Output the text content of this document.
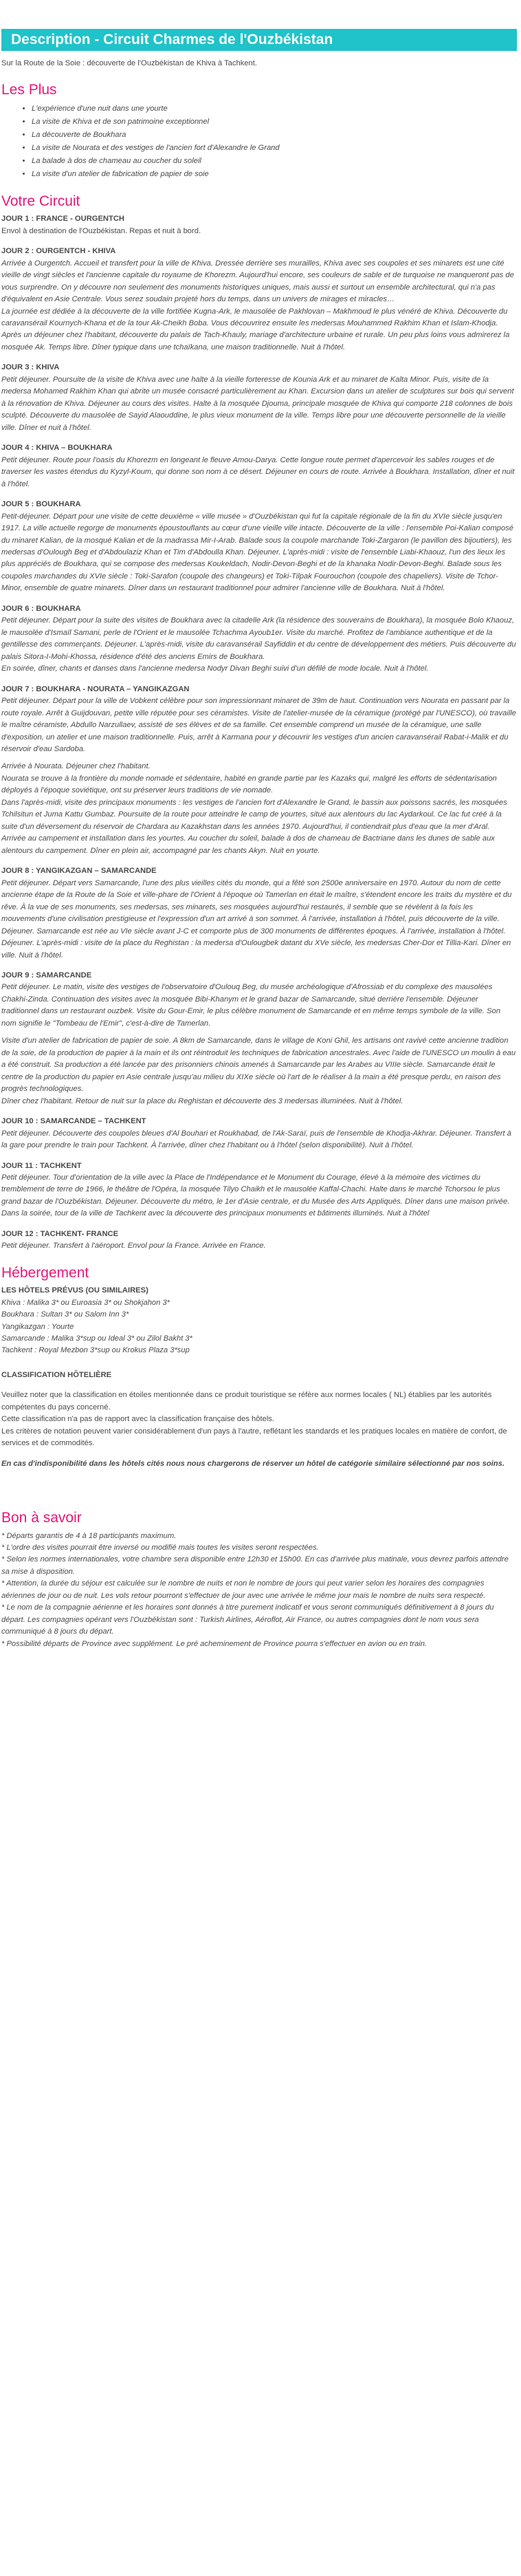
Description - Circuit Charmes de l'Ouzbékistan
Sur la Route de la Soie : découverte de l'Ouzbékistan de Khiva à Tachkent.
Les Plus
• L'expérience d'une nuit dans une yourte
• La visite de Khiva et de son patrimoine exceptionnel
• La découverte de Boukhara
• La visite de Nourata et des vestiges de l'ancien fort d'Alexandre le Grand
• La balade à dos de chameau au coucher du soleil
• La visite d'un atelier de fabrication de papier de soie
Votre Circuit
JOUR 1 : FRANCE - OURGENTCH

Envol à destination de l'Ouzbékistan. Repas et nuit à bord.

JOUR 2 : OURGENTCH - KHIVA

Arrivée à Ourgentch. Accueil et transfert pour la ville de Khiva. Dressée derrière ses murailles, Khiva avec ses coupoles et ses minarets est une cité vieille de vingt siècles et l'ancienne capitale du royaume de Khorezm. Aujourd'hui encore, ses couleurs de sable et de turquoise ne manqueront pas de vous surprendre. On y découvre non seulement des monuments historiques uniques, mais aussi et surtout un ensemble architectural, qui n'a pas d'équivalent en Asie Centrale. Vous serez soudain projeté hors du temps, dans un univers de mirages et miracles…
La journée est dédiée à la découverte de la ville fortifiée Kugna-Ark, le mausolée de Pakhlovan – Makhmoud le plus vénéré de Khiva. Découverte du caravansérail Kournych-Khana et de la tour Ak-Cheikh Boba. Vous découvrirez ensuite les medersas Mouhammed Rakhim Khan et Islam-Khodja. Après un déjeuner chez l'habitant, découverte du palais de Tach-Khauly, mariage d'architecture urbaine et rurale. Un peu plus loins vous admirerez la mosquée Ak. Temps libre. Dîner typique dans une tchaïkana, une maison traditionnelle. Nuit à l'hôtel.

JOUR 3 : KHIVA

Petit déjeuner. Poursuite de la visite de Khiva avec une halte à la vieille forteresse de Kounia Ark et au minaret de Kalta Minor. Puis, visite de la medersa Mohamed Rakhim Khan qui abrite un musée consacré particulièrement au Khan. Excursion dans un atelier de sculptures sur bois qui servent à la rénovation de Khiva. Déjeuner au cours des visites. Halte à la mosquée Djouma, principale mosquée de Khiva qui comporte 218 colonnes de bois sculpté. Découverte du mausolée de Sayid Alaouddine, le plus vieux monument de la ville. Temps libre pour une découverte personnelle de la vieille ville. Dîner et nuit à l'hôtel.

JOUR 4 : KHIVA – BOUKHARA

Petit déjeuner. Route pour l'oasis du Khorezm en longeant le fleuve Amou-Darya. Cette longue route permet d'apercevoir les sables rouges et de traverser les vastes étendus du Kyzyl-Koum, qui donne son nom à ce désert. Déjeuner en cours de route. Arrivée à Boukhara. Installation, dîner et nuit à l'hôtel.

JOUR 5 : BOUKHARA

Petit-déjeuner. Départ pour une visite de cette deuxième « ville musée » d'Ouzbékistan qui fut la capitale régionale de la fin du XVIe siècle jusqu'en 1917. La ville actuelle regorge de monuments époustouflants au cœur d'une vieille ville intacte. Découverte de la ville : l'ensemble Poi-Kalian composé du minaret Kalian, de la mosqué Kalian et de la madrassa Mir-I-Arab. Balade sous la coupole marchande Toki-Zargaron (le pavillon des bijoutiers), les medersas d'Oulough Beg et d'Abdoulaziz Khan et Tim d'Abdoulla Khan. Déjeuner. L'après-midi : visite de l'ensemble Liabi-Khaouz, l'un des lieux les plus appréciés de Boukhara, qui se compose des medersas Koukeldach, Nodir-Devon-Beghi et de la khanaka Nodir-Devon-Beghi. Balade sous les coupoles marchandes du XVIe siècle : Toki-Sarafon (coupole des changeurs) et Toki-Tilpak Fourouchon (coupole des chapeliers). Visite de Tchor-Minor, ensemble de quatre minarets. Dîner dans un restaurant traditionnel pour admirer l'ancienne ville de Boukhara. Nuit à l'hôtel.

JOUR 6 : BOUKHARA

Petit déjeuner. Départ pour la suite des visites de Boukhara avec la citadelle Ark (la résidence des souverains de Boukhara), la mosquée Bolo Khaouz, le mausolée d'Ismaïl Samani, perle de l'Orient et le mausolée Tchachma Ayoub1er. Visite du marché. Profitez de l'ambiance authentique et de la gentillesse des commerçants. Déjeuner. L'après-midi, visite du caravansérail Sayfiddin et du centre de développement des métiers. Puis découverte du palais Sitora-I-Mohi-Khossa, résidence d'été des anciens Emirs de Boukhara.
En soirée, dîner, chants et danses dans l'ancienne medersa Nodyr Divan Beghi suivi d'un défilé de mode locale. Nuit à l'hôtel.

JOUR 7 : BOUKHARA - NOURATA – YANGIKAZGAN

Petit déjeuner. Départ pour la ville de Vobkent célèbre pour son impressionnant minaret de 39m de haut. Continuation vers Nourata en passant par la route royale. Arrêt à Guijdouvan, petite ville réputée pour ses céramistes. Visite de l'atelier-musée de la céramique (protégé par l'UNESCO), où travaille le maître céramiste, Abdullo Narzullaev, assisté de ses élèves et de sa famille. Cet ensemble comprend un musée de la céramique, une salle d'exposition, un atelier et une maison traditionnelle. Puis, arrêt à Karmana pour y découvrir les vestiges d'un ancien caravansérail Rabat-i-Malik et du réservoir d'eau Sardoba.

Arrivée à Nourata. Déjeuner chez l'habitant.
Nourata se trouve à la frontière du monde nomade et sédentaire, habité en grande partie par les Kazaks qui, malgré les efforts de sédentarisation déployés à l'époque soviétique, ont su préserver leurs traditions de vie nomade.
Dans l'après-midi, visite des principaux monuments : les vestiges de l'ancien fort d'Alexandre le Grand, le bassin aux poissons sacrés, les mosquées Tchilsitun et Juma Kattu Gumbaz. Poursuite de la route pour atteindre le camp de yourtes, situé aux alentours du lac Aydarkoul. Ce lac fut créé à la suite d'un déversement du réservoir de Chardara au Kazakhstan dans les années 1970. Aujourd'hui, il contiendrait plus d'eau que la mer d'Aral.
Arrivée au campement et installation dans les yourtes. Au coucher du soleil, balade à dos de chameau de Bactriane dans les dunes de sable aux alentours du campement. Dîner en plein air, accompagné par les chants Akyn. Nuit en yourte.

JOUR 8 : YANGIKAZGAN – SAMARCANDE

Petit déjeuner. Départ vers Samarcande, l'une des plus vieilles cités du monde, qui a fêté son 2500e anniversaire en 1970. Autour du nom de cette ancienne étape de la Route de la Soie et ville-phare de l'Orient à l'époque où Tamerlan en était le maître, s'étendent encore les traits du mystère et du rêve. À la vue de ses monuments, ses medersas, ses minarets, ses mosquées aujourd'hui restaurés, il semble que se révèlent à la fois les mouvements d'une civilisation prestigieuse et l'expression d'un art arrivé à son sommet. À l'arrivée, installation à l'hôtel, puis découverte de la ville. Déjeuner. Samarcande est née au VIe siècle avant J-C et comporte plus de 300 monuments de différentes époques. À l'arrivée, installation à l'hôtel. Déjeuner. L'après-midi : visite de la place du Reghistan : la medersa d'Oulougbek datant du XVe siècle, les medersas Cher-Dor et Tillia-Kari. Dîner en ville. Nuit à l'hôtel.

JOUR 9 : SAMARCANDE

Petit déjeuner. Le matin, visite des vestiges de l'observatoire d'Oulouq Beg, du musée archéologique d'Afrossiab et du complexe des mausolées Chakhi-Zinda. Continuation des visites avec la mosquée Bibi-Khanym et le grand bazar de Samarcande, situé derrière l'ensemble. Déjeuner traditionnel dans un restaurant ouzbek. Visite du Gour-Emir, le plus célèbre monument de Samarcande et en même temps symbole de la ville. Son nom signifie le "Tombeau de l'Emir", c'est-à-dire de Tamerlan.

Visite d'un atelier de fabrication de papier de soie. A 8km de Samarcande, dans le village de Koni Ghil, les artisans ont ravivé cette ancienne tradition de la soie, de la production de papier à la main et ils ont réintroduit les techniques de fabrication ancestrales. Avec l'aide de l'UNESCO un moulin à eau a été construit. Sa production a été lancée par des prisonniers chinois amenés à Samarcande par les Arabes au VIIIe siècle. Samarcande était le centre de la production du papier en Asie centrale jusqu'au milieu du XIXe siècle où l'art de le réaliser à la main a été presque perdu, en raison des progrès technologiques.
Dîner chez l'habitant. Retour de nuit sur la place du Reghistan et découverte des 3 medersas illuminées. Nuit à l'hôtel.

JOUR 10 : SAMARCANDE – TACHKENT

Petit déjeuner. Découverte des coupoles bleues d'Al Bouhari et Roukhabad, de l'Ak-Saraï, puis de l'ensemble de Khodja-Akhrar. Déjeuner. Transfert à la gare pour prendre le train pour Tachkent. À l'arrivée, dîner chez l'habitant ou à l'hôtel (selon disponibilité). Nuit à l'hôtel.

JOUR 11 : TACHKENT

Petit déjeuner. Tour d'orientation de la ville avec la Place de l'Indépendance et le Monument du Courage, élevé à la mémoire des victimes du tremblement de terre de 1966, le théâtre de l'Opéra, la mosquée Tilyo Chaikh et le mausolée Kaffal-Chachi. Halte dans le marché Tchorsou le plus grand bazar de l'Ouzbékistan. Déjeuner. Découverte du métro, le 1er d'Asie centrale, et du Musée des Arts Appliqués. Dîner dans une maison privée. Dans la soirée, tour de la ville de Tachkent avec la découverte des principaux monuments et bâtiments illuminés. Nuit à l'hôtel

JOUR 12 : TACHKENT- FRANCE

Petit déjeuner. Transfert à l'aéroport. Envol pour la France. Arrivée en France.

Hébergement
LES HÔTELS PRÉVUS (OU SIMILAIRES)
Khiva : Malika 3* ou Euroasia 3* ou Shokjahon 3*
Boukhara : Sultan 3* ou Salom Inn 3*
Yangikazgan : Yourte
Samarcande : Malika 3*sup ou Ideal 3* ou Zilol Bakht 3*
Tachkent : Royal Mezbon 3*sup ou Krokus Plaza 3*sup
CLASSIFICATION HÔTELIÈRE
Veuillez noter que la classification en étoiles mentionnée dans ce produit touristique se réfère aux normes locales ( NL) établies par les autorités compétentes du pays concerné.
Cette classification n'a pas de rapport avec la classification française des hôtels.
Les critères de notation peuvent varier considérablement d'un pays à l'autre, reflétant les standards et les pratiques locales en matière de confort, de services et de commodités.
En cas d'indisponibilité dans les hôtels cités nous nous chargerons de réserver un hôtel de catégorie similaire sélectionné par nos soins.
Bon à savoir

* Départs garantis de 4 à 18 participants maximum.

* L'ordre des visites pourrait être inversé ou modifié mais toutes les visites seront respectées.

* Selon les normes internationales, votre chambre sera disponible entre 12h30 et 15h00. En cas d'arrivée plus matinale, vous devrez parfois attendre sa mise à disposition.

* Attention, la durée du séjour est calculée sur le nombre de nuits et non le nombre de jours qui peut varier selon les horaires des compagnies aériennes de jour ou de nuit. Les vols retour pourront s'effectuer de jour avec une arrivée le même jour mais le nombre de nuits sera respecté.

* Le nom de la compagnie aérienne et les horaires sont donnés à titre purement indicatif et vous seront communiqués définitivement à 8 jours du départ. Les compagnies opérant vers l'Ouzbékistan sont : Turkish Airlines, Aéroflot, Air France, ou autres compagnies dont le nom vous sera communiqué à 8 jours du départ.

* Possibilité départs de Province avec supplément. Le pré acheminement de Province pourra s'effectuer en avion ou en train.
